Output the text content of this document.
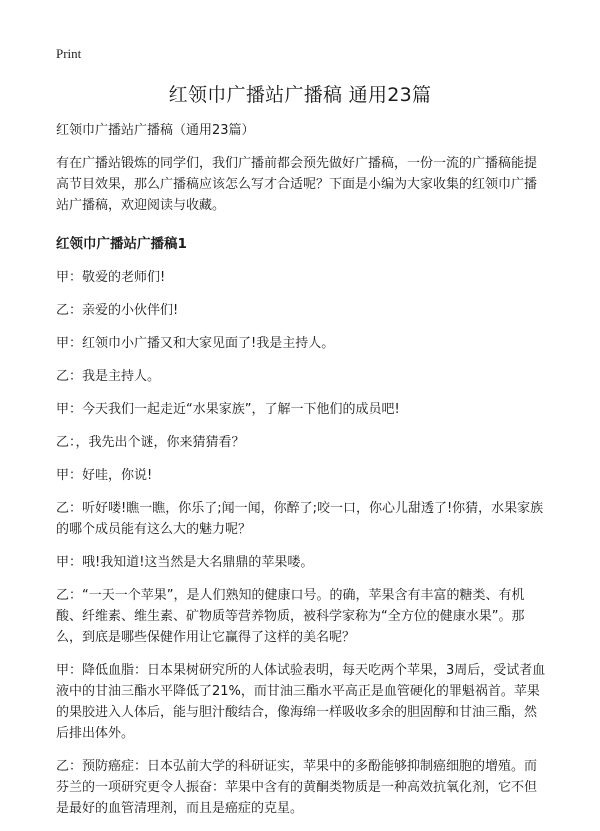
Print
红领巾广播站广播稿 通用23篇

红领巾广播站广播稿（通用23篇）

有在广播站锻炼的同学们，我们广播前都会预先做好广播稿，一份一流的广播稿能提高节目效果，那么广播稿应该怎么写才合适呢？下面是小编为大家收集的红领巾广播站广播稿，欢迎阅读与收藏。

红领巾广播站广播稿1

甲：敬爱的老师们!

乙：亲爱的小伙伴们!

甲：红领巾小广播又和大家见面了!我是主持人。

乙：我是主持人。

甲：今天我们一起走近“水果家族”，了解一下他们的成员吧!

乙：，我先出个谜，你来猜猜看？

甲：好哇，你说!

乙：听好喽!瞧一瞧，你乐了;闻一闻，你醉了;咬一口，你心儿甜透了!你猜，水果家族的哪个成员能有这么大的魅力呢？

甲：哦!我知道!这当然是大名鼎鼎的苹果喽。

乙：“一天一个苹果”，是人们熟知的健康口号。的确，苹果含有丰富的糖类、有机酸、纤维素、维生素、矿物质等营养物质，被科学家称为“全方位的健康水果”。那么，到底是哪些保健作用让它赢得了这样的美名呢？

甲：降低血脂：日本果树研究所的人体试验表明，每天吃两个苹果，3周后，受试者血液中的甘油三酯水平降低了21%，而甘油三酯水平高正是血管硬化的罪魁祸首。苹果的果胶进入人体后，能与胆汁酸结合，像海绵一样吸收多余的胆固醇和甘油三酯，然后排出体外。

乙：预防癌症：日本弘前大学的科研证实，苹果中的多酚能够抑制癌细胞的增殖。而芬兰的一项研究更令人振奋：苹果中含有的黄酮类物质是一种高效抗氧化剂，它不但是最好的血管清理剂，而且是癌症的克星。
